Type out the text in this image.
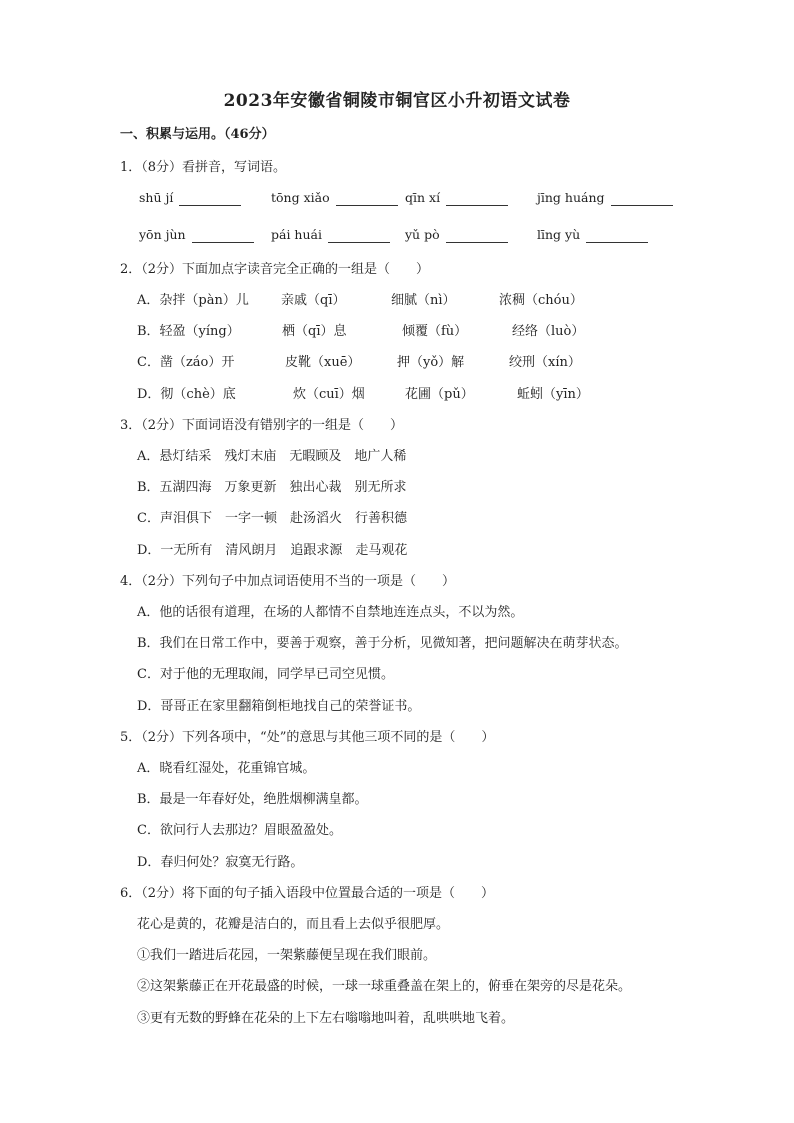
2023年安徽省铜陵市铜官区小升初语文试卷
一、积累与运用。（46分）
1．（8分）看拼音，写词语。
shū jí	tōng xiǎo	qīn xí	jīng huáng
yōn jùn	pái huái	yǔ pò	līng yù
2．（2分）下面加点字读音完全正确的一组是（　　）
A．杂拌（pàn）儿	亲戚（qī）	细腻（nì）	浓稠（chóu）
B．轻盈（yíng）	栖（qī）息	倾覆（fù）	经络（luò）
C．凿（záo）开	皮靴（xuē）	押（yǒ）解	绞刑（xín）
D．彻（chè）底	炊（cuī）烟	花圃（pǔ）	蚯蚓（yīn）
3．（2分）下面词语没有错别字的一组是（　　）
A．悬灯结采　残灯末庙　无暇顾及　地广人稀
B．五湖四海　万象更新　独出心裁　别无所求
C．声泪俱下　一字一顿　赴汤滔火　行善积德
D．一无所有　清风朗月　追跟求源　走马观花
4．（2分）下列句子中加点词语使用不当的一项是（　　）
A．他的话很有道理，在场的人都情不自禁地连连点头，不以为然。
B．我们在日常工作中，要善于观察，善于分析，见微知著，把问题解决在萌芽状态。
C．对于他的无理取闹，同学早已司空见惯。
D．哥哥正在家里翻箱倒柜地找自己的荣誉证书。
5．（2分）下列各项中，“处”的意思与其他三项不同的是（　　）
A．晓看红湿处，花重锦官城。
B．最是一年春好处，绝胜烟柳满皇都。
C．欲问行人去那边？眉眼盈盈处。
D．春归何处？寂寞无行路。
6．（2分）将下面的句子插入语段中位置最合适的一项是（　　）
花心是黄的，花瓣是洁白的，而且看上去似乎很肥厚。
①我们一踏进后花园，一架紫藤便呈现在我们眼前。
②这架紫藤正在开花最盛的时候，一球一球重叠盖在架上的，俯垂在架旁的尽是花朵。
③更有无数的野蜂在花朵的上下左右嗡嗡地叫着，乱哄哄地飞着。
